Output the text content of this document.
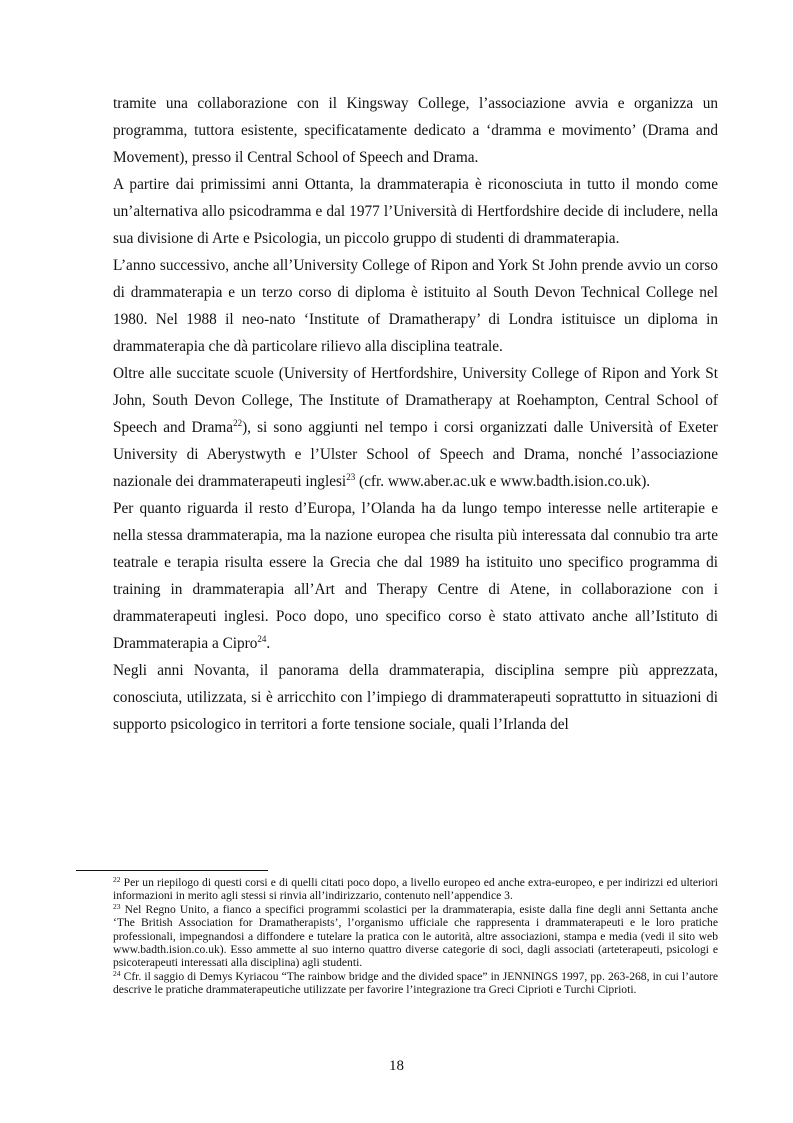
tramite una collaborazione con il Kingsway College, l’associazione avvia e organizza un programma, tuttora esistente, specificatamente dedicato a ‘dramma e movimento’ (Drama and Movement), presso il Central School of Speech and Drama.

A partire dai primissimi anni Ottanta, la drammaterapia è riconosciuta in tutto il mondo come un’alternativa allo psicodramma e dal 1977 l’Università di Hertfordshire decide di includere, nella sua divisione di Arte e Psicologia, un piccolo gruppo di studenti di drammaterapia.

L’anno successivo, anche all’University College of Ripon and York St John prende avvio un corso di drammaterapia e un terzo corso di diploma è istituito al South Devon Technical College nel 1980. Nel 1988 il neo-nato ‘Institute of Dramatherapy’ di Londra istituisce un diploma in drammaterapia che dà particolare rilievo alla disciplina teatrale.

Oltre alle succitate scuole (University of Hertfordshire, University College of Ripon and York St John, South Devon College, The Institute of Dramatherapy at Roehampton, Central School of Speech and Drama$^{22}$), si sono aggiunti nel tempo i corsi organizzati dalle Università of Exeter University di Aberystwyth e l’Ulster School of Speech and Drama, nonché l’associazione nazionale dei drammaterapeuti inglesi$^{23}$ (cfr. www.aber.ac.uk e www.badth.ision.co.uk).

Per quanto riguarda il resto d’Europa, l’Olanda ha da lungo tempo interesse nelle artiterapie e nella stessa drammaterapia, ma la nazione europea che risulta più interessata dal connubio tra arte teatrale e terapia risulta essere la Grecia che dal 1989 ha istituito uno specifico programma di training in drammaterapia all’Art and Therapy Centre di Atene, in collaborazione con i drammaterapeuti inglesi. Poco dopo, uno specifico corso è stato attivato anche all’Istituto di Drammaterapia a Cipro$^{24}$.

Negli anni Novanta, il panorama della drammaterapia, disciplina sempre più apprezzata, conosciuta, utilizzata, si è arricchito con l’impiego di drammaterapeuti soprattutto in situazioni di supporto psicologico in territori a forte tensione sociale, quali l’Irlanda del

$^{22}$ Per un riepilogo di questi corsi e di quelli citati poco dopo, a livello europeo ed anche extra-europeo, e per indirizzi ed ulteriori informazioni in merito agli stessi si rinvia all’indirizzario, contenuto nell’appendice 3.

$^{23}$ Nel Regno Unito, a fianco a specifici programmi scolastici per la drammaterapia, esiste dalla fine degli anni Settanta anche ‘The British Association for Dramatherapists’, l’organismo ufficiale che rappresenta i drammaterapeuti e le loro pratiche professionali, impegnandosi a diffondere e tutelare la pratica con le autorità, altre associazioni, stampa e media (vedi il sito web www.badth.ision.co.uk). Esso ammette al suo interno quattro diverse categorie di soci, dagli associati (arteterapeuti, psicologi e psicoterapeuti interessati alla disciplina) agli studenti.

$^{24}$ Cfr. il saggio di Demys Kyriacou “The rainbow bridge and the divided space” in JENNINGS 1997, pp. 263-268, in cui l’autore descrive le pratiche drammaterapeutiche utilizzate per favorire l’integrazione tra Greci Ciprioti e Turchi Ciprioti.

18
